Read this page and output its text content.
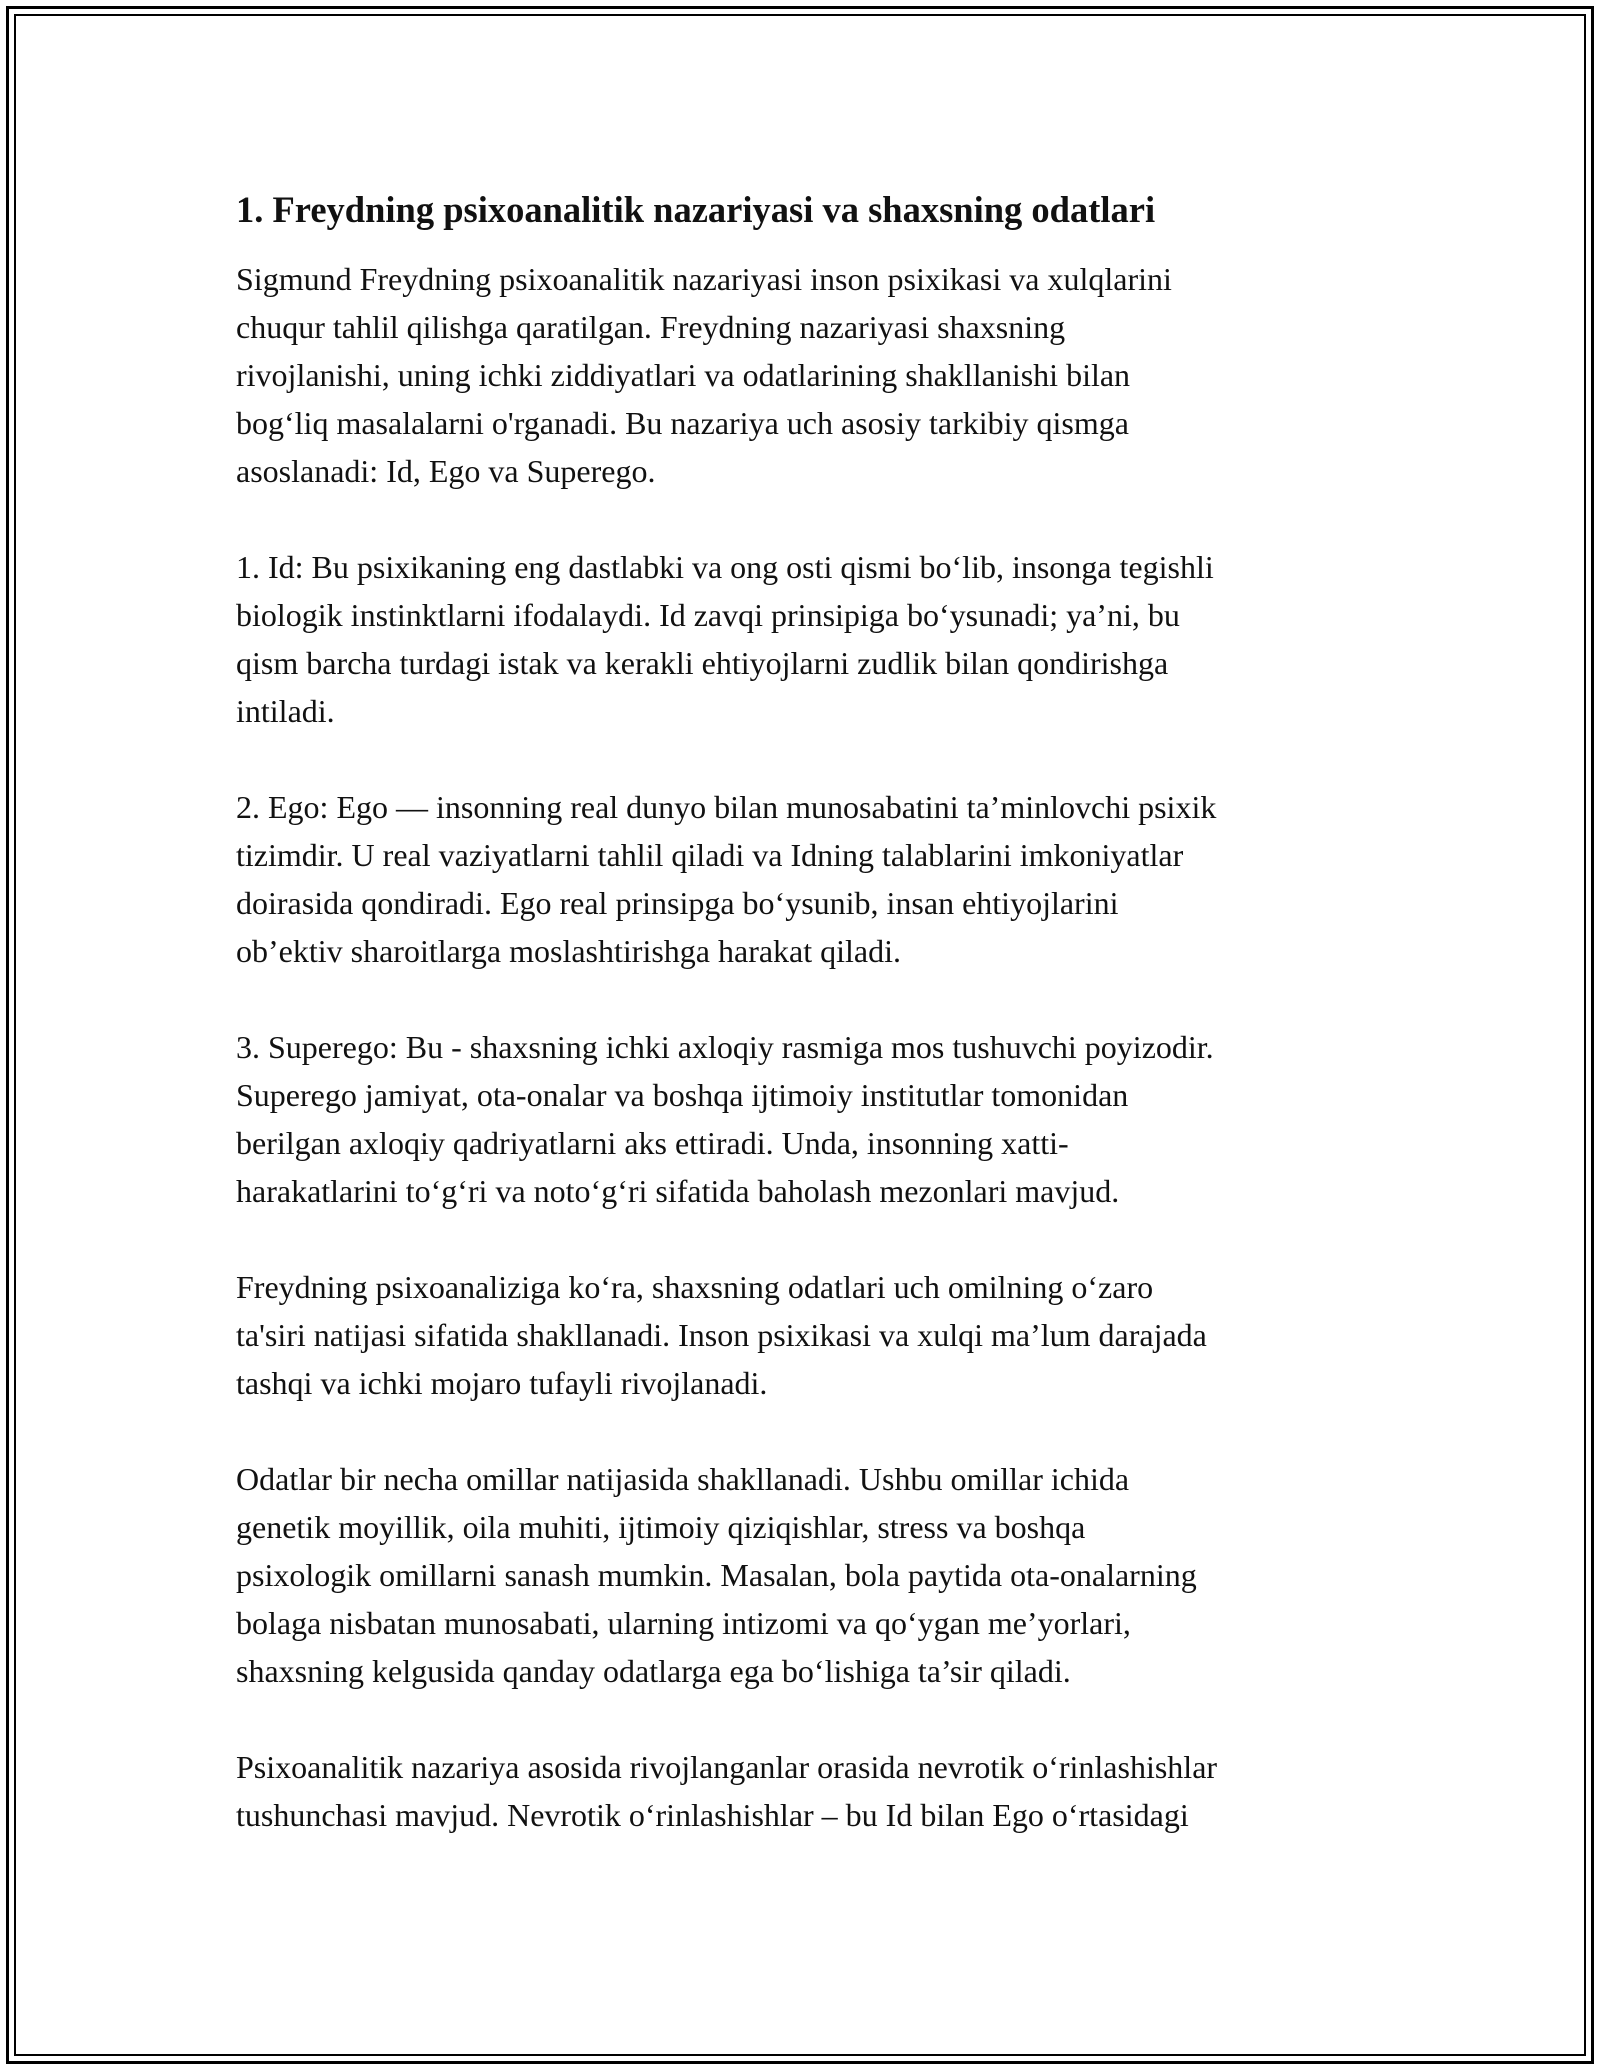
1. Freydning psixoanalitik nazariyasi va shaxsning odatlari
Sigmund Freydning psixoanalitik nazariyasi inson psixikasi va xulqlarini
chuqur tahlil qilishga qaratilgan. Freydning nazariyasi shaxsning
rivojlanishi, uning ichki ziddiyatlari va odatlarining shakllanishi bilan
bog‘liq masalalarni o'rganadi. Bu nazariya uch asosiy tarkibiy qismga
asoslanadi: Id, Ego va Superego.
1. Id: Bu psixikaning eng dastlabki va ong osti qismi bo‘lib, insonga tegishli
biologik instinktlarni ifodalaydi. Id zavqi prinsipiga bo‘ysunadi; ya’ni, bu
qism barcha turdagi istak va kerakli ehtiyojlarni zudlik bilan qondirishga
intiladi.
2. Ego: Ego — insonning real dunyo bilan munosabatini ta’minlovchi psixik
tizimdir. U real vaziyatlarni tahlil qiladi va Idning talablarini imkoniyatlar
doirasida qondiradi. Ego real prinsipga bo‘ysunib, insan ehtiyojlarini
ob’ektiv sharoitlarga moslashtirishga harakat qiladi.
3. Superego: Bu - shaxsning ichki axloqiy rasmiga mos tushuvchi poyizodir.
Superego jamiyat, ota-onalar va boshqa ijtimoiy institutlar tomonidan
berilgan axloqiy qadriyatlarni aks ettiradi. Unda, insonning xatti-
harakatlarini to‘g‘ri va noto‘g‘ri sifatida baholash mezonlari mavjud.
Freydning psixoanaliziga ko‘ra, shaxsning odatlari uch omilning o‘zaro
ta'siri natijasi sifatida shakllanadi. Inson psixikasi va xulqi ma’lum darajada
tashqi va ichki mojaro tufayli rivojlanadi.
Odatlar bir necha omillar natijasida shakllanadi. Ushbu omillar ichida
genetik moyillik, oila muhiti, ijtimoiy qiziqishlar, stress va boshqa
psixologik omillarni sanash mumkin. Masalan, bola paytida ota-onalarning
bolaga nisbatan munosabati, ularning intizomi va qo‘ygan me’yorlari,
shaxsning kelgusida qanday odatlarga ega bo‘lishiga ta’sir qiladi.
Psixoanalitik nazariya asosida rivojlanganlar orasida nevrotik o‘rinlashishlar
tushunchasi mavjud. Nevrotik o‘rinlashishlar – bu Id bilan Ego o‘rtasidagi
